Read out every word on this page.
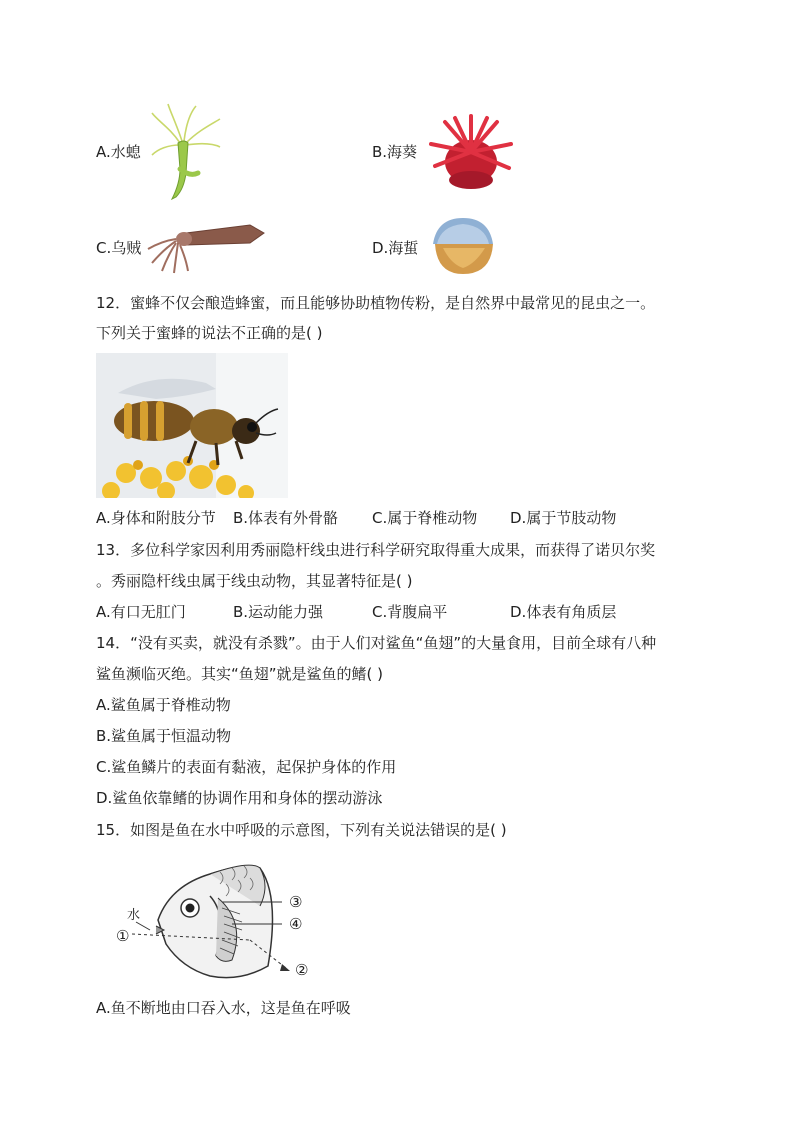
A.水螅	B.海葵
C.乌贼	D.海蜇
12．蜜蜂不仅会酿造蜂蜜，而且能够协助植物传粉，是自然界中最常见的昆虫之一。
下列关于蜜蜂的说法不正确的是( )
A.身体和附肢分节 B.体表有外骨骼 C.属于脊椎动物 D.属于节肢动物
13．多位科学家因利用秀丽隐杆线虫进行科学研究取得重大成果，而获得了诺贝尔奖
。秀丽隐杆线虫属于线虫动物，其显著特征是( )
A.有口无肛门	B.运动能力强	C.背腹扁平	D.体表有角质层
14．“没有买卖，就没有杀戮”。由于人们对鲨鱼“鱼翅”的大量食用，目前全球有八种
鲨鱼濒临灭绝。其实“鱼翅”就是鲨鱼的鳍( )
A.鲨鱼属于脊椎动物
B.鲨鱼属于恒温动物
C.鲨鱼鳞片的表面有黏液，起保护身体的作用
D.鲨鱼依靠鳍的协调作用和身体的摆动游泳
15．如图是鱼在水中呼吸的示意图，下列有关说法错误的是( )
水
①
③
④
②
A.鱼不断地由口吞入水，这是鱼在呼吸
